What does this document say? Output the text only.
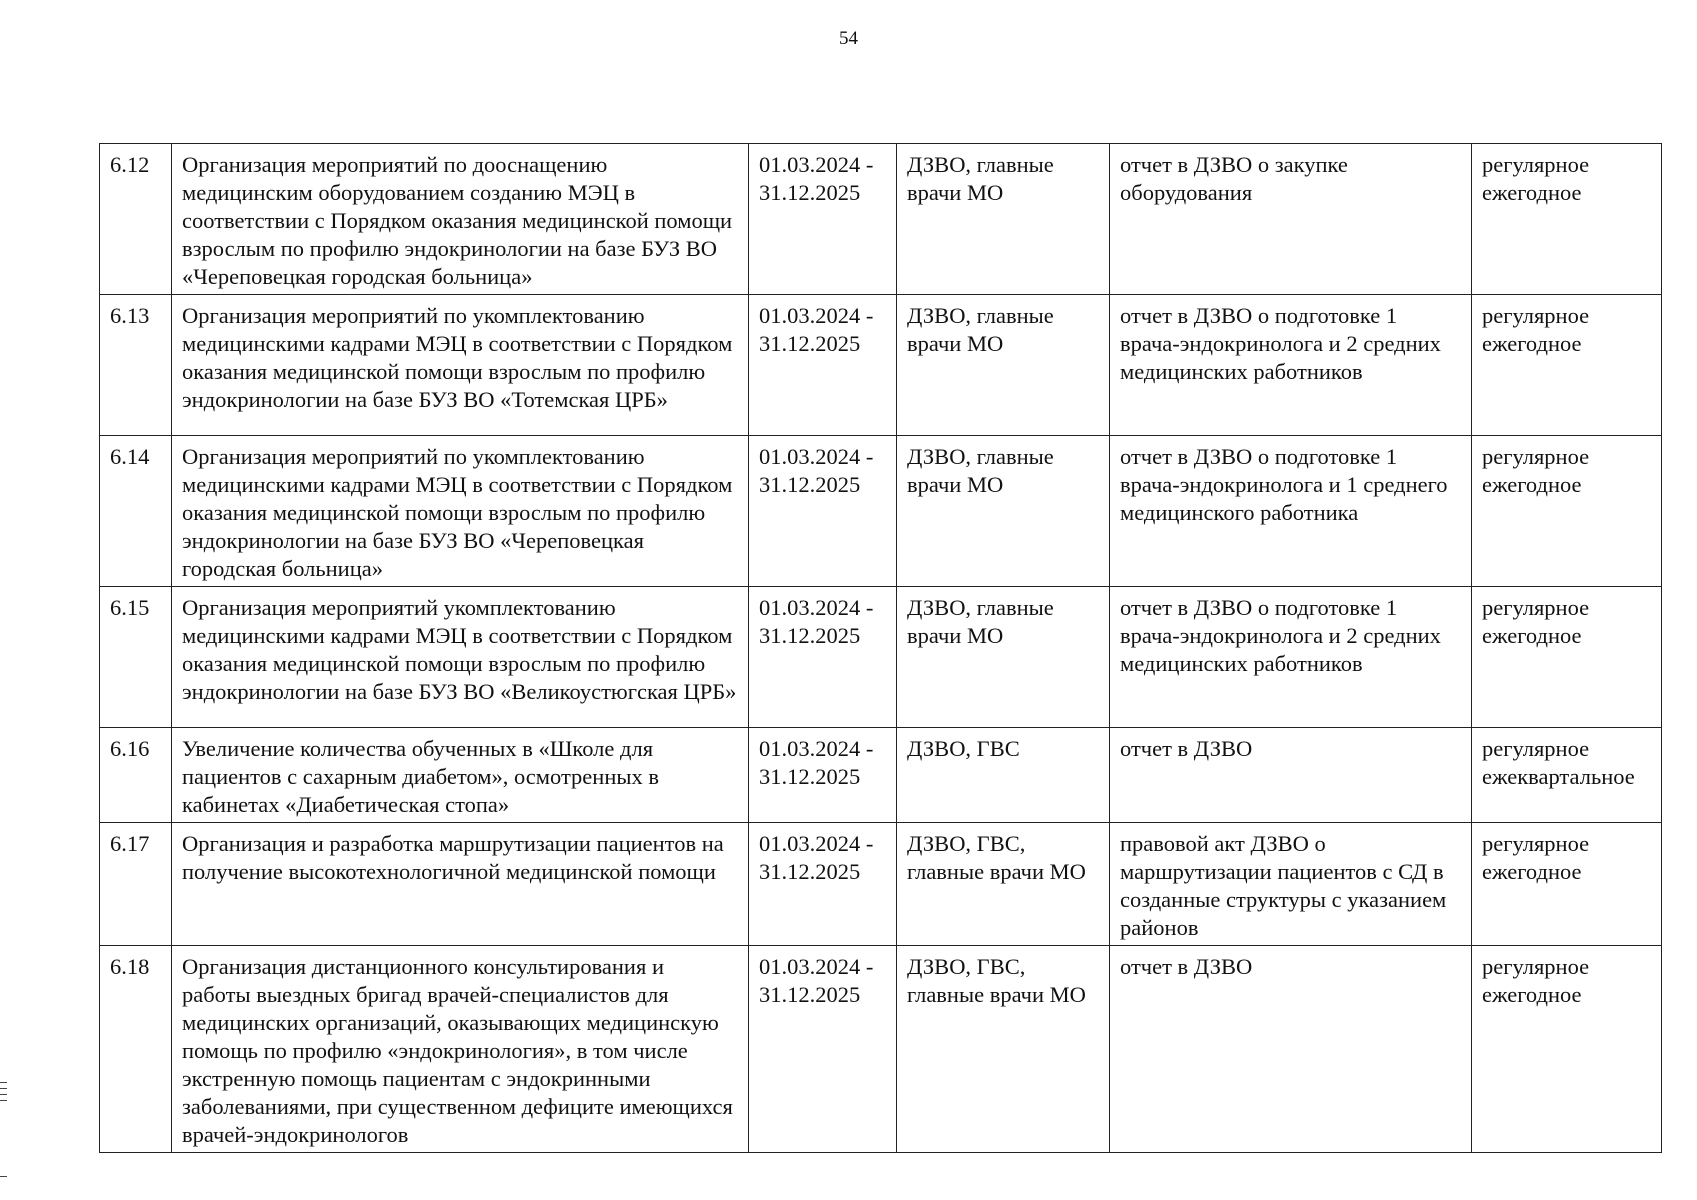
54
6.12	Организация мероприятий по дооснащению медицинским оборудованием созданию МЭЦ в соответствии с Порядком оказания медицинской помощи взрослым по профилю эндокринологии на базе БУЗ ВО «Череповецкая городская больница»	01.03.2024 - 31.12.2025	ДЗВО, главные врачи МО	отчет в ДЗВО о закупке оборудования	регулярное ежегодное
6.13	Организация мероприятий по укомплектованию медицинскими кадрами МЭЦ в соответствии с Порядком оказания медицинской помощи взрослым по профилю эндокринологии на базе БУЗ ВО «Тотемская ЦРБ»	01.03.2024 - 31.12.2025	ДЗВО, главные врачи МО	отчет в ДЗВО о подготовке 1 врача-эндокринолога и 2 средних медицинских работников	регулярное ежегодное
6.14	Организация мероприятий по укомплектованию медицинскими кадрами МЭЦ в соответствии с Порядком оказания медицинской помощи взрослым по профилю эндокринологии на базе БУЗ ВО «Череповецкая городская больница»	01.03.2024 - 31.12.2025	ДЗВО, главные врачи МО	отчет в ДЗВО о подготовке 1 врача-эндокринолога и 1 среднего медицинского работника	регулярное ежегодное
6.15	Организация мероприятий укомплектованию медицинскими кадрами МЭЦ в соответствии с Порядком оказания медицинской помощи взрослым по профилю эндокринологии на базе БУЗ ВО «Великоустюгская ЦРБ»	01.03.2024 - 31.12.2025	ДЗВО, главные врачи МО	отчет в ДЗВО о подготовке 1 врача-эндокринолога и 2 средних медицинских работников	регулярное ежегодное
6.16	Увеличение количества обученных в «Школе для пациентов с сахарным диабетом», осмотренных в кабинетах «Диабетическая стопа»	01.03.2024 - 31.12.2025	ДЗВО, ГВС	отчет в ДЗВО	регулярное ежеквартальное
6.17	Организация и разработка маршрутизации пациентов на получение высокотехнологичной медицинской помощи	01.03.2024 - 31.12.2025	ДЗВО, ГВС, главные врачи МО	правовой акт ДЗВО о маршрутизации пациентов с СД в созданные структуры с указанием районов	регулярное ежегодное
6.18	Организация дистанционного консультирования и работы выездных бригад врачей-специалистов для медицинских организаций, оказывающих медицинскую помощь по профилю «эндокринология», в том числе экстренную помощь пациентам с эндокринными заболеваниями, при существенном дефиците имеющихся врачей-эндокринологов	01.03.2024 - 31.12.2025	ДЗВО, ГВС, главные врачи МО	отчет в ДЗВО	регулярное ежегодное
